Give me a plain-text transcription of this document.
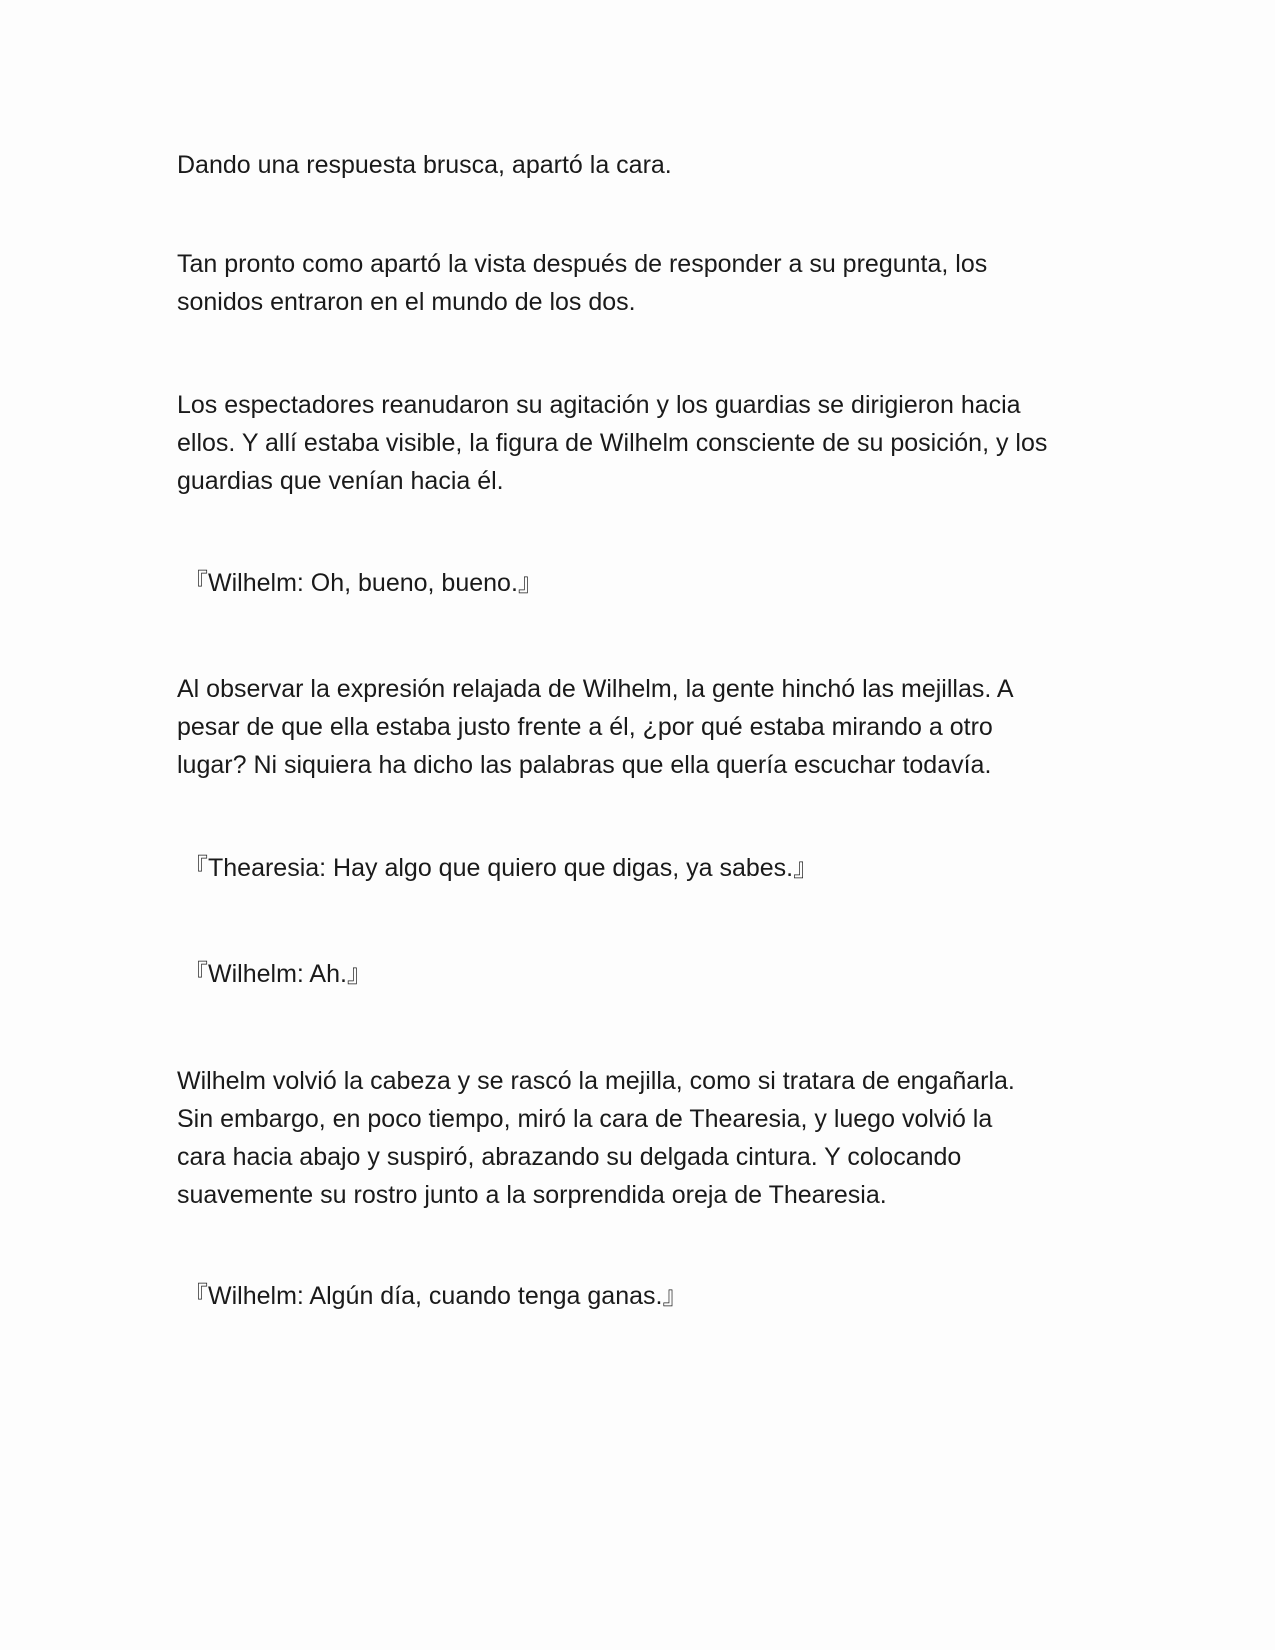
Dando una respuesta brusca, apartó la cara.

Tan pronto como apartó la vista después de responder a su pregunta, los
sonidos entraron en el mundo de los dos.

Los espectadores reanudaron su agitación y los guardias se dirigieron hacia
ellos. Y allí estaba visible, la figura de Wilhelm consciente de su posición, y los
guardias que venían hacia él.

『Wilhelm: Oh, bueno, bueno.』

Al observar la expresión relajada de Wilhelm, la gente hinchó las mejillas. A
pesar de que ella estaba justo frente a él, ¿por qué estaba mirando a otro
lugar? Ni siquiera ha dicho las palabras que ella quería escuchar todavía.

『Thearesia: Hay algo que quiero que digas, ya sabes.』

『Wilhelm: Ah.』

Wilhelm volvió la cabeza y se rascó la mejilla, como si tratara de engañarla.
Sin embargo, en poco tiempo, miró la cara de Thearesia, y luego volvió la
cara hacia abajo y suspiró, abrazando su delgada cintura. Y colocando
suavemente su rostro junto a la sorprendida oreja de Thearesia.

『Wilhelm: Algún día, cuando tenga ganas.』
